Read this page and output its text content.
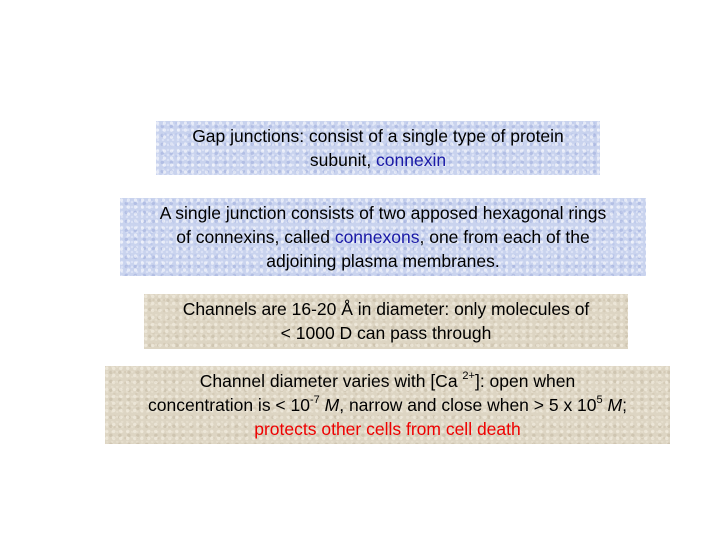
Gap junctions: consist of a single type of protein
subunit, connexin
A single junction consists of two apposed hexagonal rings
of connexins, called connexons, one from each of the
adjoining plasma membranes.
Channels are 16-20 Å in diameter: only molecules of
< 1000 D can pass through
Channel diameter varies with [Ca $^{2+}$]: open when
concentration is < $10^{-7}$ M, narrow and close when > 5 x $10^5$ M;
protects other cells from cell death
